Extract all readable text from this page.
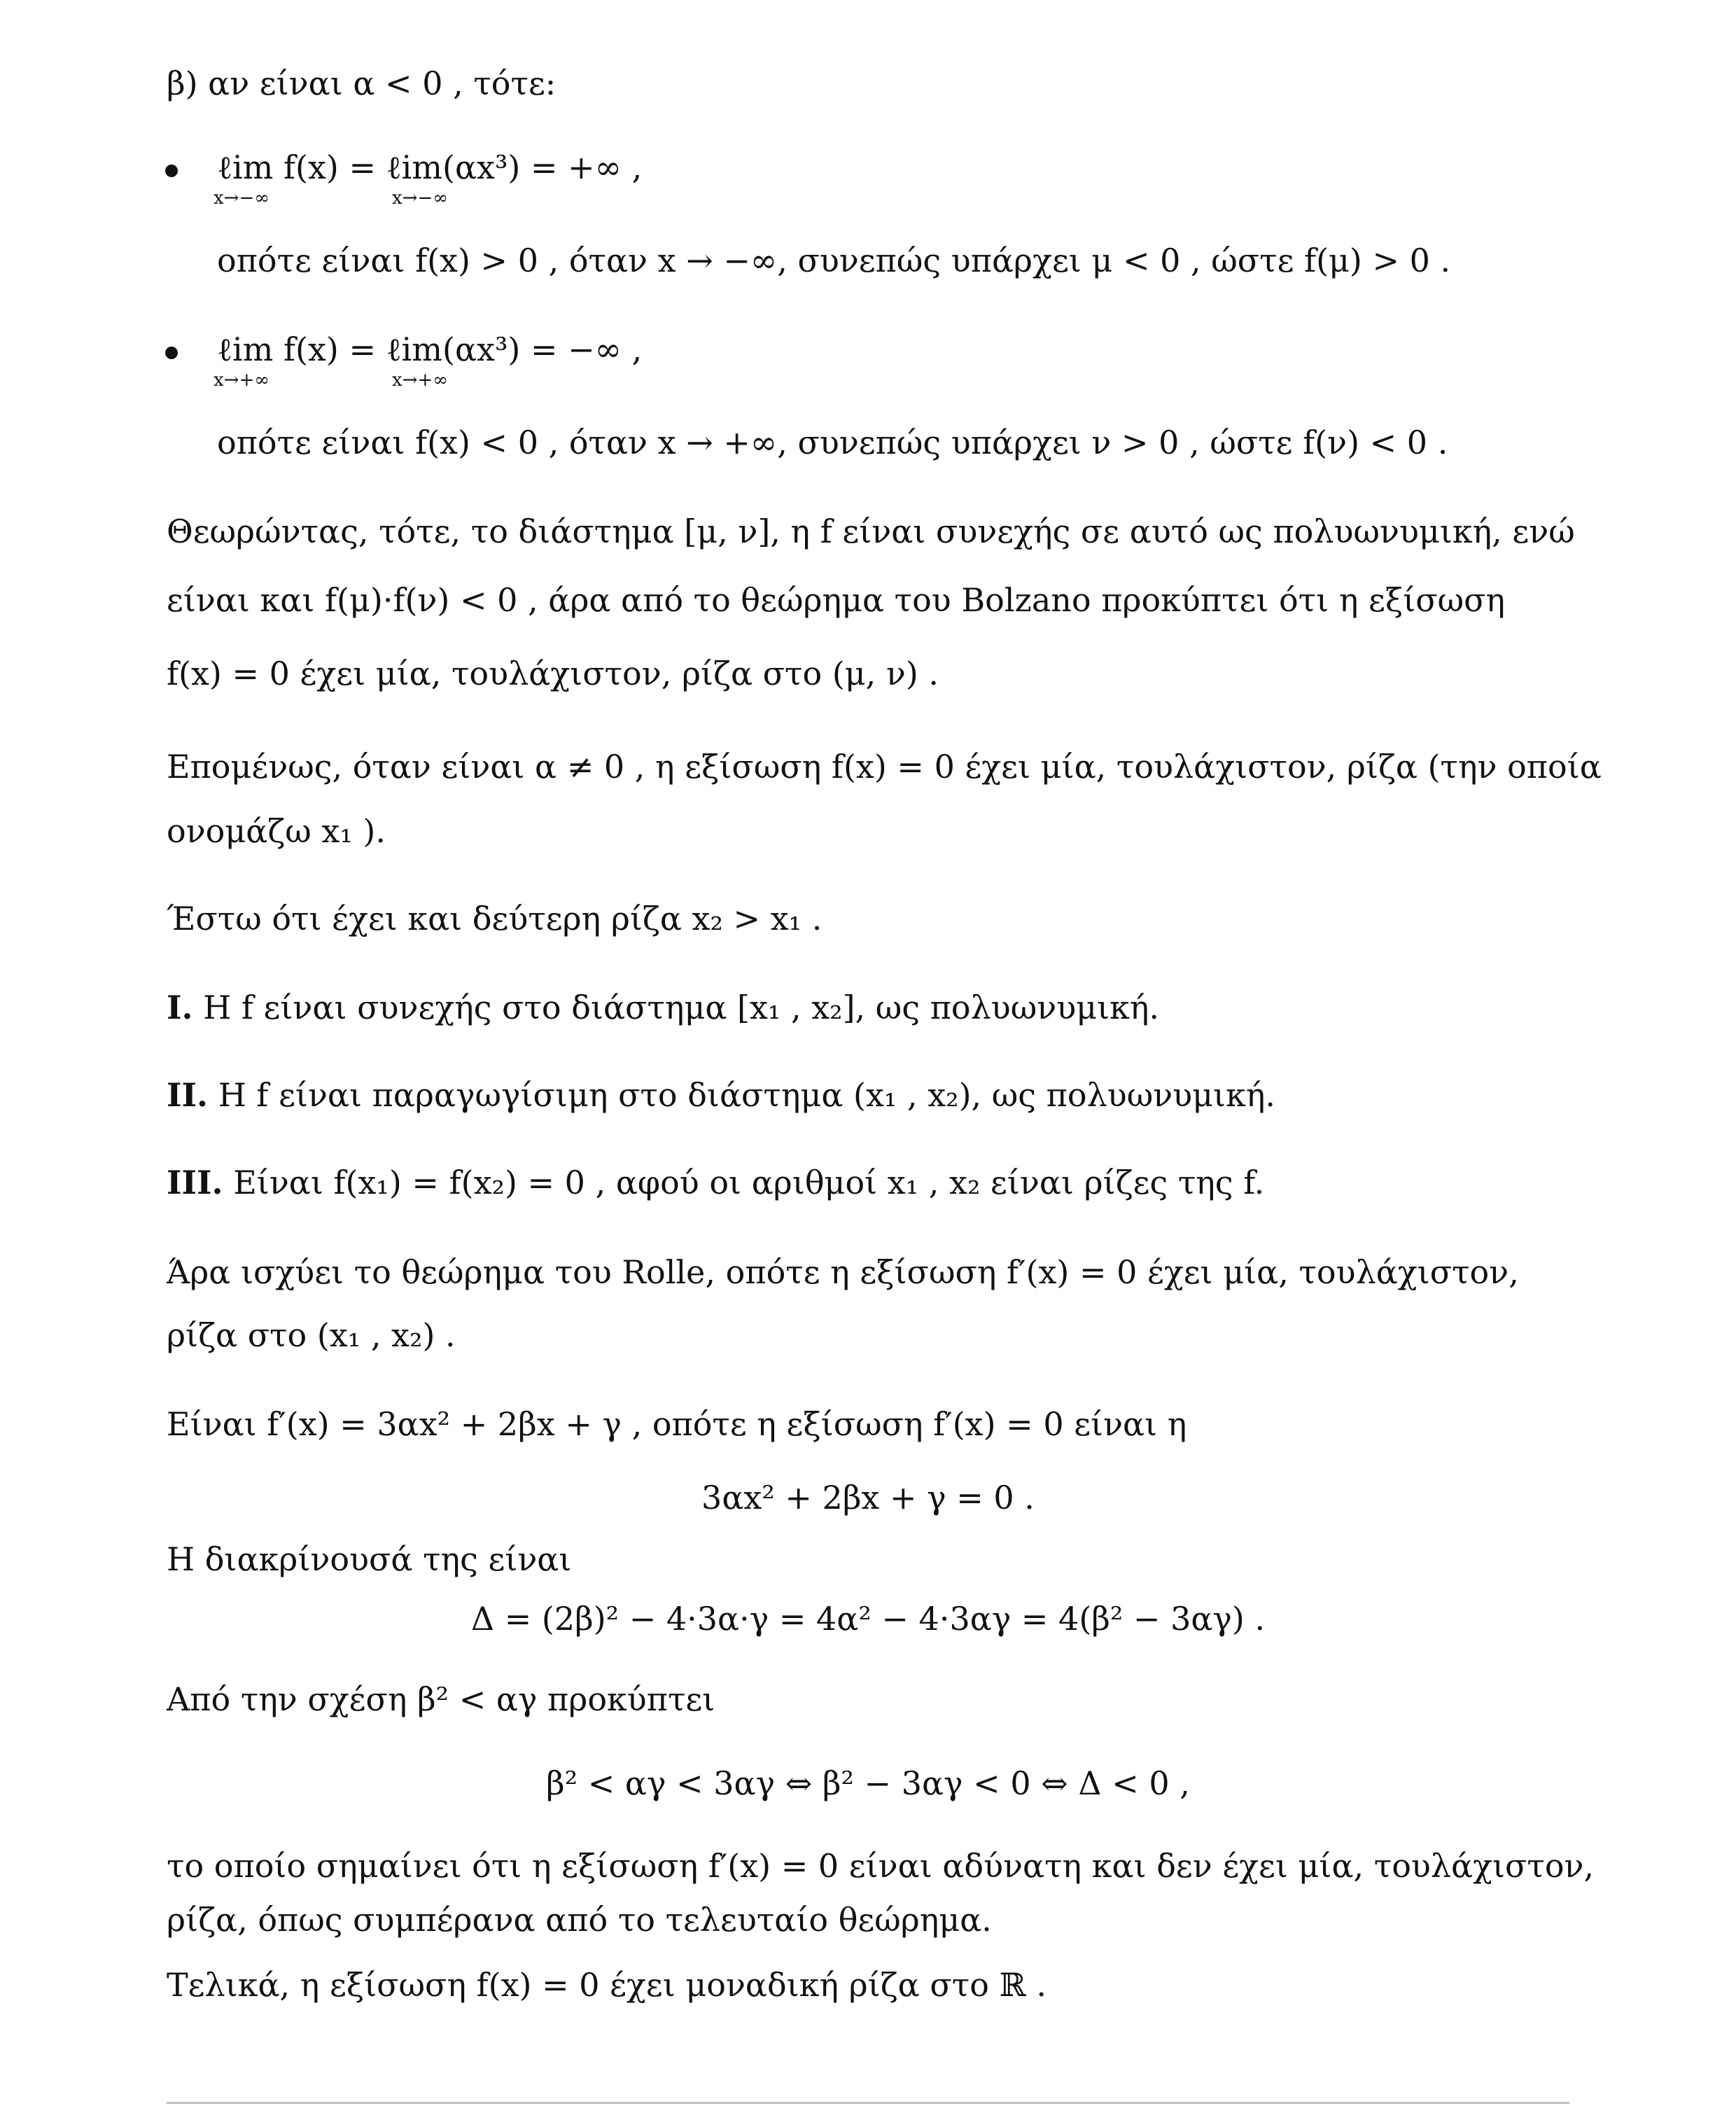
β) αν είναι α < 0 , τότε:

ℓim f(x) = ℓim(αx³) = +∞ ,

x→−∞	x→−∞

οπότε είναι f(x) > 0 , όταν x → −∞, συνεπώς υπάρχει μ < 0 , ώστε f(μ) > 0 .

ℓim f(x) = ℓim(αx³) = −∞ ,

x→+∞	x→+∞

οπότε είναι f(x) < 0 , όταν x → +∞, συνεπώς υπάρχει ν > 0 , ώστε f(ν) < 0 .

Θεωρώντας, τότε, το διάστημα [μ, ν], η f είναι συνεχής σε αυτό ως πολυωνυμική, ενώ

είναι και f(μ)·f(ν) < 0 , άρα από το θεώρημα του Bolzano προκύπτει ότι η εξίσωση

f(x) = 0 έχει μία, τουλάχιστον, ρίζα στο (μ, ν) .

Επομένως, όταν είναι α ≠ 0 , η εξίσωση f(x) = 0 έχει μία, τουλάχιστον, ρίζα (την οποία

ονομάζω x₁ ).

Έστω ότι έχει και δεύτερη ρίζα x₂ > x₁ .

I. Η f είναι συνεχής στο διάστημα [x₁ , x₂], ως πολυωνυμική.

II. Η f είναι παραγωγίσιμη στο διάστημα (x₁ , x₂), ως πολυωνυμική.

III. Είναι f(x₁) = f(x₂) = 0 , αφού οι αριθμοί x₁ , x₂ είναι ρίζες της f.

Άρα ισχύει το θεώρημα του Rolle, οπότε η εξίσωση f′(x) = 0 έχει μία, τουλάχιστον,

ρίζα στο (x₁ , x₂) .

Είναι f′(x) = 3αx² + 2βx + γ , οπότε η εξίσωση f′(x) = 0 είναι η

3αx² + 2βx + γ = 0 .

Η διακρίνουσά της είναι

Δ = (2β)² − 4·3α·γ = 4α² − 4·3αγ = 4(β² − 3αγ) .

Από την σχέση β² < αγ προκύπτει

β² < αγ < 3αγ ⇔ β² − 3αγ < 0 ⇔ Δ < 0 ,

το οποίο σημαίνει ότι η εξίσωση f′(x) = 0 είναι αδύνατη και δεν έχει μία, τουλάχιστον,

ρίζα, όπως συμπέρανα από το τελευταίο θεώρημα.

Τελικά, η εξίσωση f(x) = 0 έχει μοναδική ρίζα στο ℝ .
